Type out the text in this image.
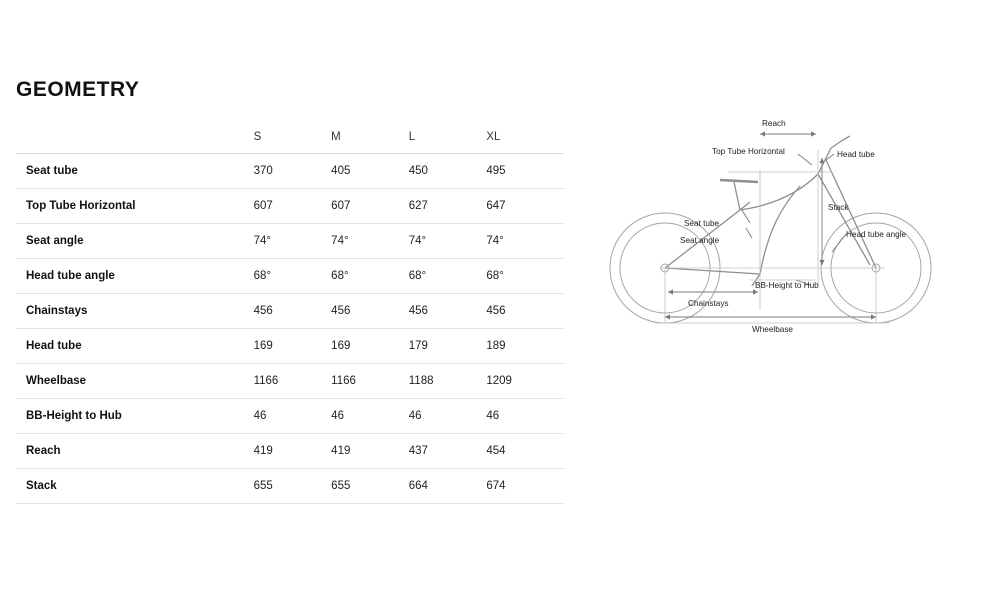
GEOMETRY
	S	M	L	XL
Seat tube	370	405	450	495
Top Tube Horizontal	607	607	627	647
Seat angle	74°	74°	74°	74°
Head tube angle	68°	68°	68°	68°
Chainstays	456	456	456	456
Head tube	169	169	179	189
Wheelbase	1166	1166	1188	1209
BB-Height to Hub	46	46	46	46
Reach	419	419	437	454
Stack	655	655	664	674
Reach
Top Tube Horizontal	Head tube
Stack
Seat tube
Seat angle
Head tube angle
BB-Height to Hub
Chainstays
Wheelbase
